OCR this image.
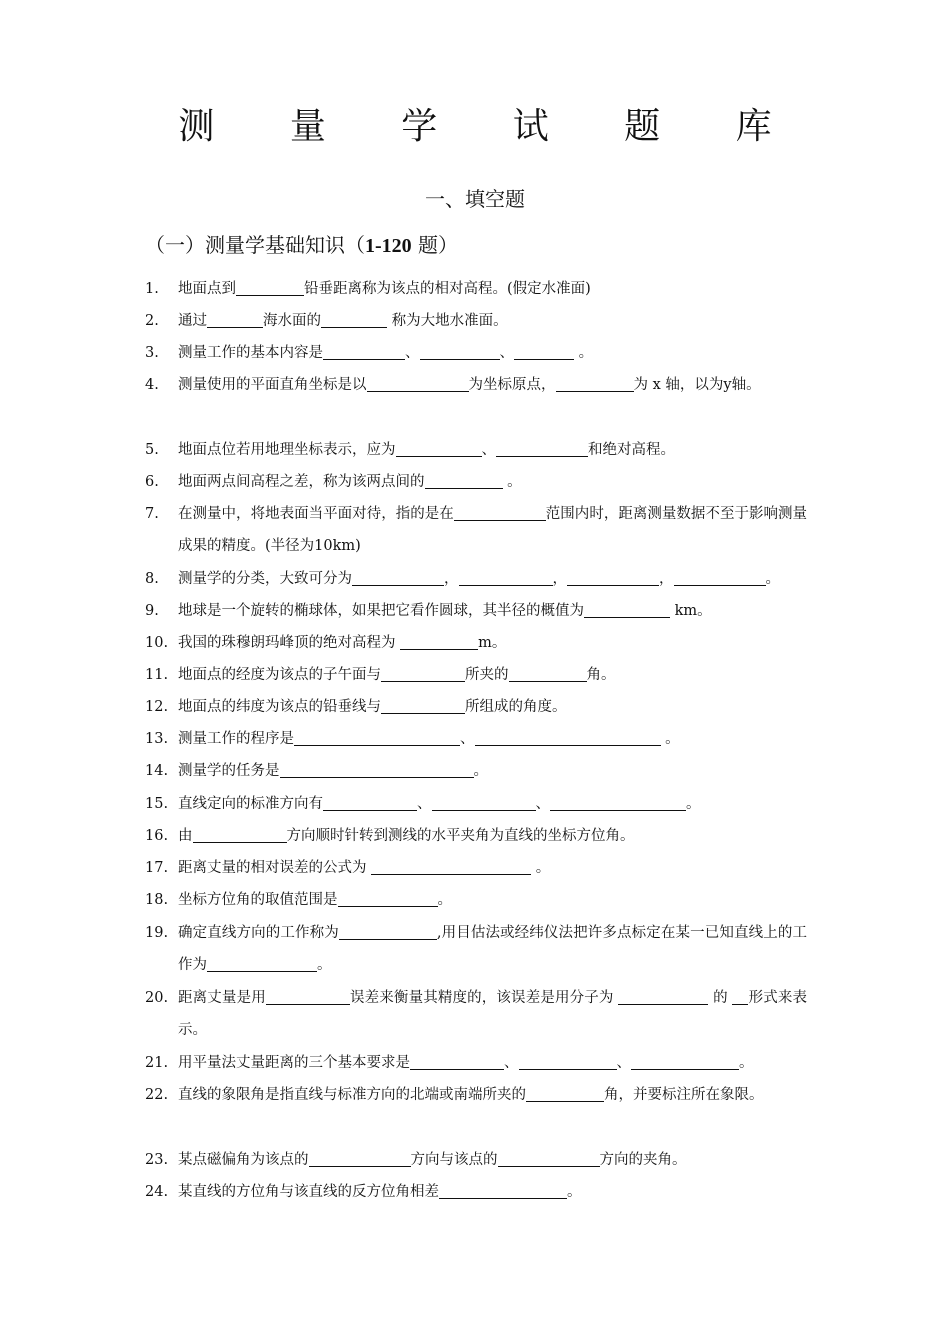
测 量 学 试 题 库
一、填空题
（一）测量学基础知识（1-120 题）
1.	地面点到	铅垂距离称为该点的相对高程。(假定水准面)
2.	通过	海水面的	称为大地水准面。
3.	测量工作的基本内容是	、	、	。
4.	测量使用的平面直角坐标是以	为坐标原点，	为 x 轴，以为y轴。
5.	地面点位若用地理坐标表示，应为	、	和绝对高程。
6.	地面两点间高程之差，称为该两点间的	。
7.	在测量中，将地表面当平面对待，指的是在	范围内时，距离测量数据不至于影响测量成果的精度。(半径为10km)
8.	测量学的分类，大致可分为	，	，	，	。
9.	地球是一个旋转的椭球体，如果把它看作圆球，其半径的概值为	km。
10. 我国的珠穆朗玛峰顶的绝对高程为	m。
11. 地面点的经度为该点的子午面与	所夹的	角。
12. 地面点的纬度为该点的铅垂线与	所组成的角度。
13. 测量工作的程序是	、	。
14. 测量学的任务是	。
15. 直线定向的标准方向有	、	、	。
16. 由	方向顺时针转到测线的水平夹角为直线的坐标方位角。
17. 距离丈量的相对误差的公式为	。
18. 坐标方位角的取值范围是	。
19. 确定直线方向的工作称为	,用目估法或经纬仪法把许多点标定在某一已知直线上的工作为	。
20. 距离丈量是用	误差来衡量其精度的，该误差是用分子为	的 形式来表示。
21. 用平量法丈量距离的三个基本要求是	、	、	。
22. 直线的象限角是指直线与标准方向的北端或南端所夹的	角，并要标注所在象限。
23. 某点磁偏角为该点的	方向与该点的	方向的夹角。
24. 某直线的方位角与该直线的反方位角相差	。
